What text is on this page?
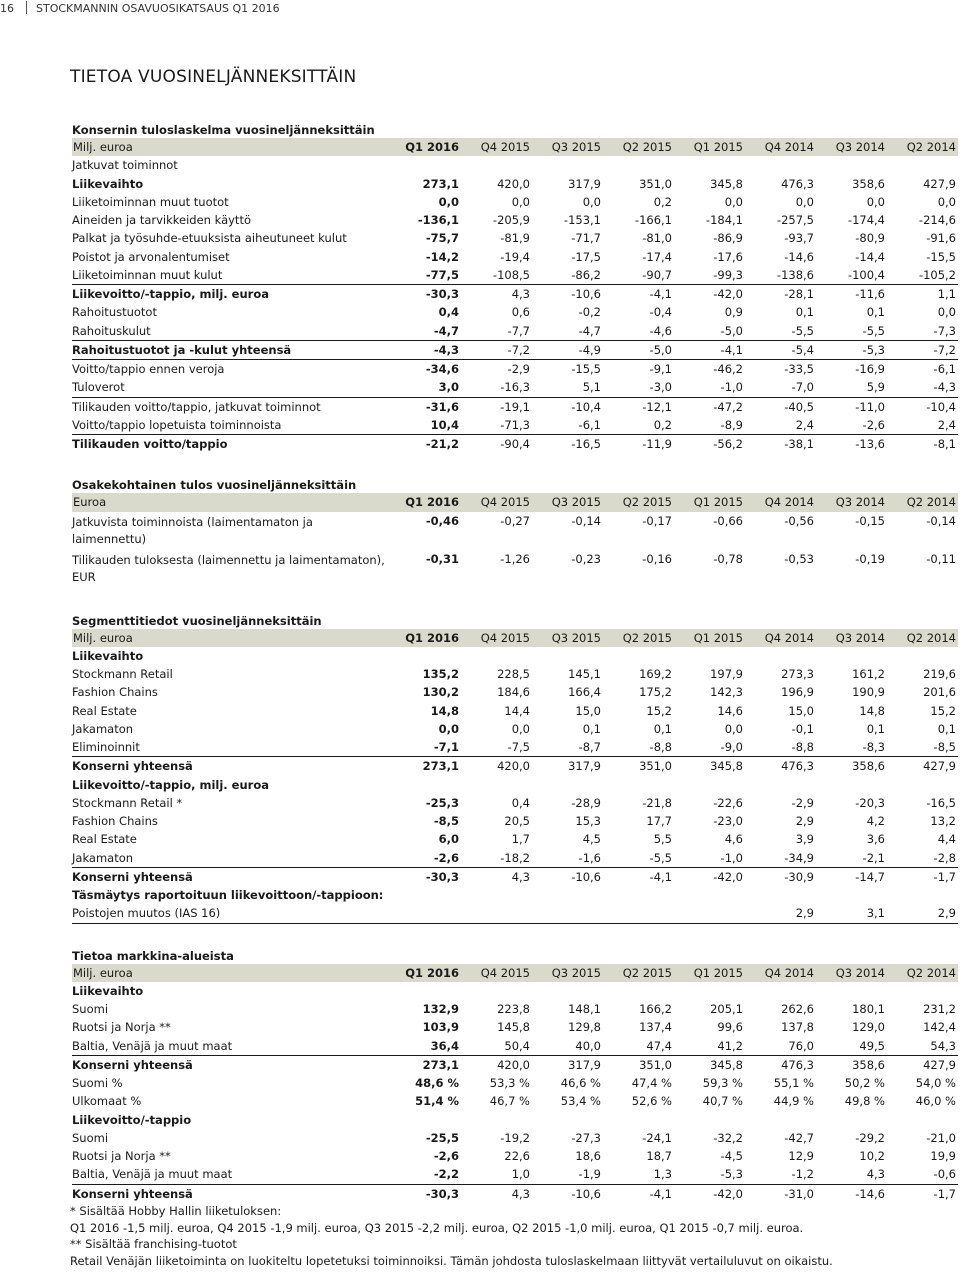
16 STOCKMANNIN OSAVUOSIKATSAUS Q1 2016
TIETOA VUOSINELJÄNNEKSITTÄIN
Konsernin tuloslaskelma vuosineljänneksittäin
Milj. euroa	Q1 2016	Q4 2015	Q3 2015	Q2 2015	Q1 2015	Q4 2014	Q3 2014	Q2 2014
Jatkuvat toiminnot								
Liikevaihto	273,1	420,0	317,9	351,0	345,8	476,3	358,6	427,9
Liiketoiminnan muut tuotot	0,0	0,0	0,0	0,2	0,0	0,0	0,0	0,0
Aineiden ja tarvikkeiden käyttö	-136,1	-205,9	-153,1	-166,1	-184,1	-257,5	-174,4	-214,6
Palkat ja työsuhde-etuuksista aiheutuneet kulut	-75,7	-81,9	-71,7	-81,0	-86,9	-93,7	-80,9	-91,6
Poistot ja arvonalentumiset	-14,2	-19,4	-17,5	-17,4	-17,6	-14,6	-14,4	-15,5
Liiketoiminnan muut kulut	-77,5	-108,5	-86,2	-90,7	-99,3	-138,6	-100,4	-105,2
Liikevoitto/-tappio, milj. euroa	-30,3	4,3	-10,6	-4,1	-42,0	-28,1	-11,6	1,1
Rahoitustuotot	0,4	0,6	-0,2	-0,4	0,9	0,1	0,1	0,0
Rahoituskulut	-4,7	-7,7	-4,7	-4,6	-5,0	-5,5	-5,5	-7,3
Rahoitustuotot ja -kulut yhteensä	-4,3	-7,2	-4,9	-5,0	-4,1	-5,4	-5,3	-7,2
Voitto/tappio ennen veroja	-34,6	-2,9	-15,5	-9,1	-46,2	-33,5	-16,9	-6,1
Tuloverot	3,0	-16,3	5,1	-3,0	-1,0	-7,0	5,9	-4,3
Tilikauden voitto/tappio, jatkuvat toiminnot	-31,6	-19,1	-10,4	-12,1	-47,2	-40,5	-11,0	-10,4
Voitto/tappio lopetuista toiminnoista	10,4	-71,3	-6,1	0,2	-8,9	2,4	-2,6	2,4
Tilikauden voitto/tappio	-21,2	-90,4	-16,5	-11,9	-56,2	-38,1	-13,6	-8,1
Osakekohtainen tulos vuosineljänneksittäin
Euroa	Q1 2016	Q4 2015	Q3 2015	Q2 2015	Q1 2015	Q4 2014	Q3 2014	Q2 2014
Jatkuvista toiminnoista (laimentamaton ja laimennettu)	-0,46	-0,27	-0,14	-0,17	-0,66	-0,56	-0,15	-0,14
Tilikauden tuloksesta (laimennettu ja laimentamaton), EUR	-0,31	-1,26	-0,23	-0,16	-0,78	-0,53	-0,19	-0,11
Segmenttitiedot vuosineljänneksittäin
Milj. euroa	Q1 2016	Q4 2015	Q3 2015	Q2 2015	Q1 2015	Q4 2014	Q3 2014	Q2 2014
Liikevaihto								
Stockmann Retail	135,2	228,5	145,1	169,2	197,9	273,3	161,2	219,6
Fashion Chains	130,2	184,6	166,4	175,2	142,3	196,9	190,9	201,6
Real Estate	14,8	14,4	15,0	15,2	14,6	15,0	14,8	15,2
Jakamaton	0,0	0,0	0,1	0,1	0,0	-0,1	0,1	0,1
Eliminoinnit	-7,1	-7,5	-8,7	-8,8	-9,0	-8,8	-8,3	-8,5
Konserni yhteensä	273,1	420,0	317,9	351,0	345,8	476,3	358,6	427,9
Liikevoitto/-tappio, milj. euroa								
Stockmann Retail *	-25,3	0,4	-28,9	-21,8	-22,6	-2,9	-20,3	-16,5
Fashion Chains	-8,5	20,5	15,3	17,7	-23,0	2,9	4,2	13,2
Real Estate	6,0	1,7	4,5	5,5	4,6	3,9	3,6	4,4
Jakamaton	-2,6	-18,2	-1,6	-5,5	-1,0	-34,9	-2,1	-2,8
Konserni yhteensä	-30,3	4,3	-10,6	-4,1	-42,0	-30,9	-14,7	-1,7
Täsmäytys raportoituun liikevoittoon/-tappioon:								
Poistojen muutos (IAS 16)						2,9	3,1	2,9
Tietoa markkina-alueista
Milj. euroa	Q1 2016	Q4 2015	Q3 2015	Q2 2015	Q1 2015	Q4 2014	Q3 2014	Q2 2014
Liikevaihto								
Suomi	132,9	223,8	148,1	166,2	205,1	262,6	180,1	231,2
Ruotsi ja Norja **	103,9	145,8	129,8	137,4	99,6	137,8	129,0	142,4
Baltia, Venäjä ja muut maat	36,4	50,4	40,0	47,4	41,2	76,0	49,5	54,3
Konserni yhteensä	273,1	420,0	317,9	351,0	345,8	476,3	358,6	427,9
Suomi %	48,6 %	53,3 %	46,6 %	47,4 %	59,3 %	55,1 %	50,2 %	54,0 %
Ulkomaat %	51,4 %	46,7 %	53,4 %	52,6 %	40,7 %	44,9 %	49,8 %	46,0 %
Liikevoitto/-tappio								
Suomi	-25,5	-19,2	-27,3	-24,1	-32,2	-42,7	-29,2	-21,0
Ruotsi ja Norja **	-2,6	22,6	18,6	18,7	-4,5	12,9	10,2	19,9
Baltia, Venäjä ja muut maat	-2,2	1,0	-1,9	1,3	-5,3	-1,2	4,3	-0,6
Konserni yhteensä	-30,3	4,3	-10,6	-4,1	-42,0	-31,0	-14,6	-1,7
* Sisältää Hobby Hallin liiketuloksen:
Q1 2016 -1,5 milj. euroa, Q4 2015 -1,9 milj. euroa, Q3 2015 -2,2 milj. euroa, Q2 2015 -1,0 milj. euroa, Q1 2015 -0,7 milj. euroa.
** Sisältää franchising-tuotot
Retail Venäjän liiketoiminta on luokiteltu lopetetuksi toiminnoiksi. Tämän johdosta tuloslaskelmaan liittyvät vertailuluvut on oikaistu.
